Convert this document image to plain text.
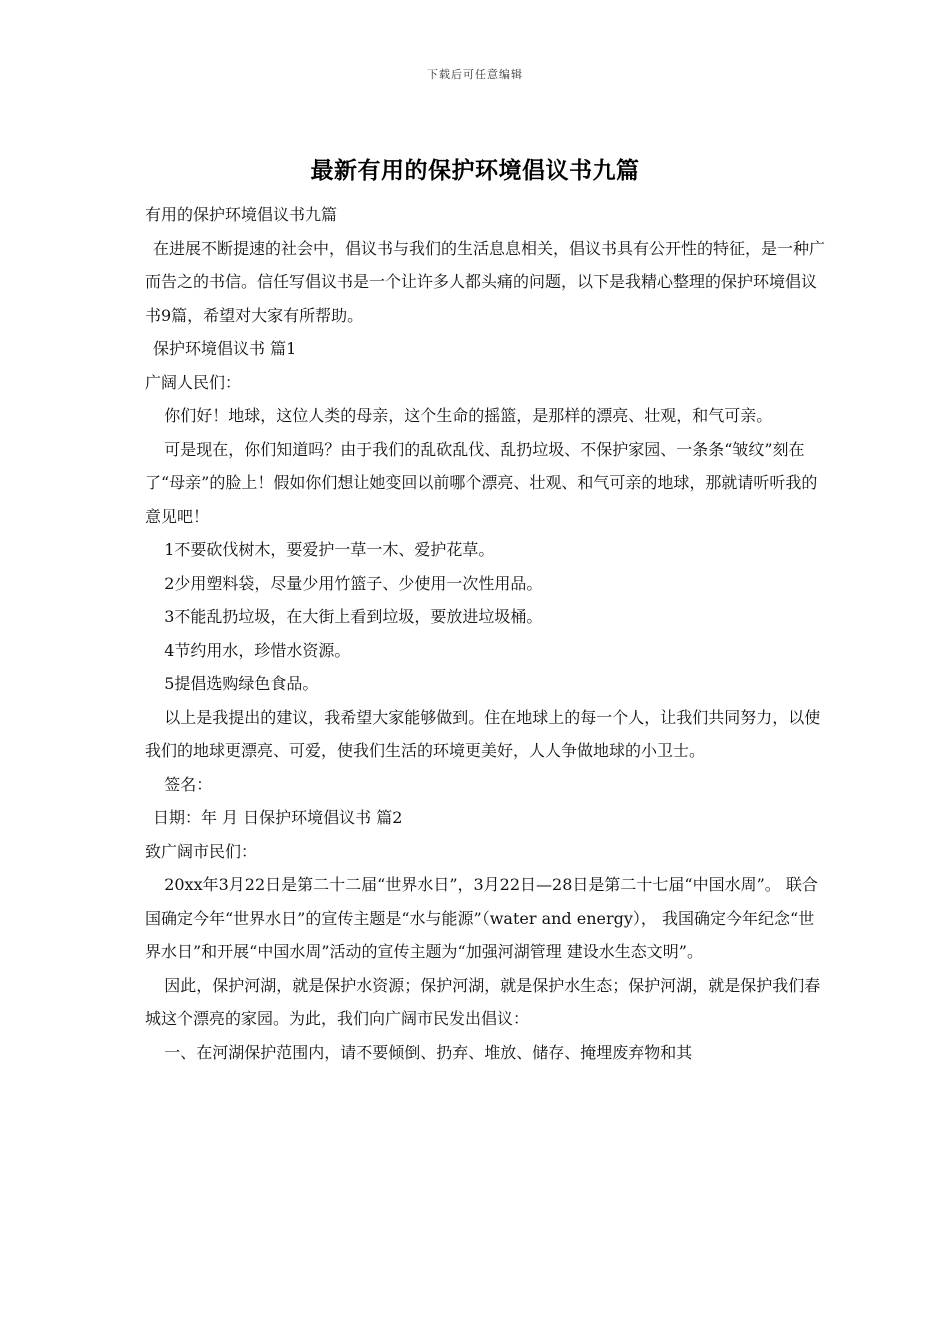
下载后可任意编辑
最新有用的保护环境倡议书九篇

有用的保护环境倡议书九篇

在进展不断提速的社会中，倡议书与我们的生活息息相关，倡议书具有公开性的特征，是一种广而告之的书信。信任写倡议书是一个让许多人都头痛的问题，以下是我精心整理的保护环境倡议书9篇，希望对大家有所帮助。

保护环境倡议书 篇1

广阔人民们：

你们好！地球，这位人类的母亲，这个生命的摇篮，是那样的漂亮、壮观，和气可亲。

可是现在，你们知道吗？由于我们的乱砍乱伐、乱扔垃圾、不保护家园、一条条“皱纹”刻在了“母亲”的脸上！假如你们想让她变回以前哪个漂亮、壮观、和气可亲的地球，那就请听听我的意见吧！

1不要砍伐树木，要爱护一草一木、爱护花草。

2少用塑料袋，尽量少用竹篮子、少使用一次性用品。

3不能乱扔垃圾，在大街上看到垃圾，要放进垃圾桶。

4节约用水，珍惜水资源。

5提倡选购绿色食品。

以上是我提出的建议，我希望大家能够做到。住在地球上的每一个人，让我们共同努力，以使我们的地球更漂亮、可爱，使我们生活的环境更美好，人人争做地球的小卫士。

签名：

日期：年 月 日保护环境倡议书 篇2

致广阔市民们：

20xx年3月22日是第二十二届“世界水日”，3月22日—28日是第二十七届“中国水周”。 联合国确定今年“世界水日”的宣传主题是“水与能源”（water and energy）， 我国确定今年纪念“世界水日”和开展“中国水周”活动的宣传主题为“加强河湖管理 建设水生态文明”。

因此，保护河湖，就是保护水资源；保护河湖，就是保护水生态；保护河湖，就是保护我们春城这个漂亮的家园。为此，我们向广阔市民发出倡议：

一、在河湖保护范围内，请不要倾倒、扔弃、堆放、储存、掩埋废弃物和其
